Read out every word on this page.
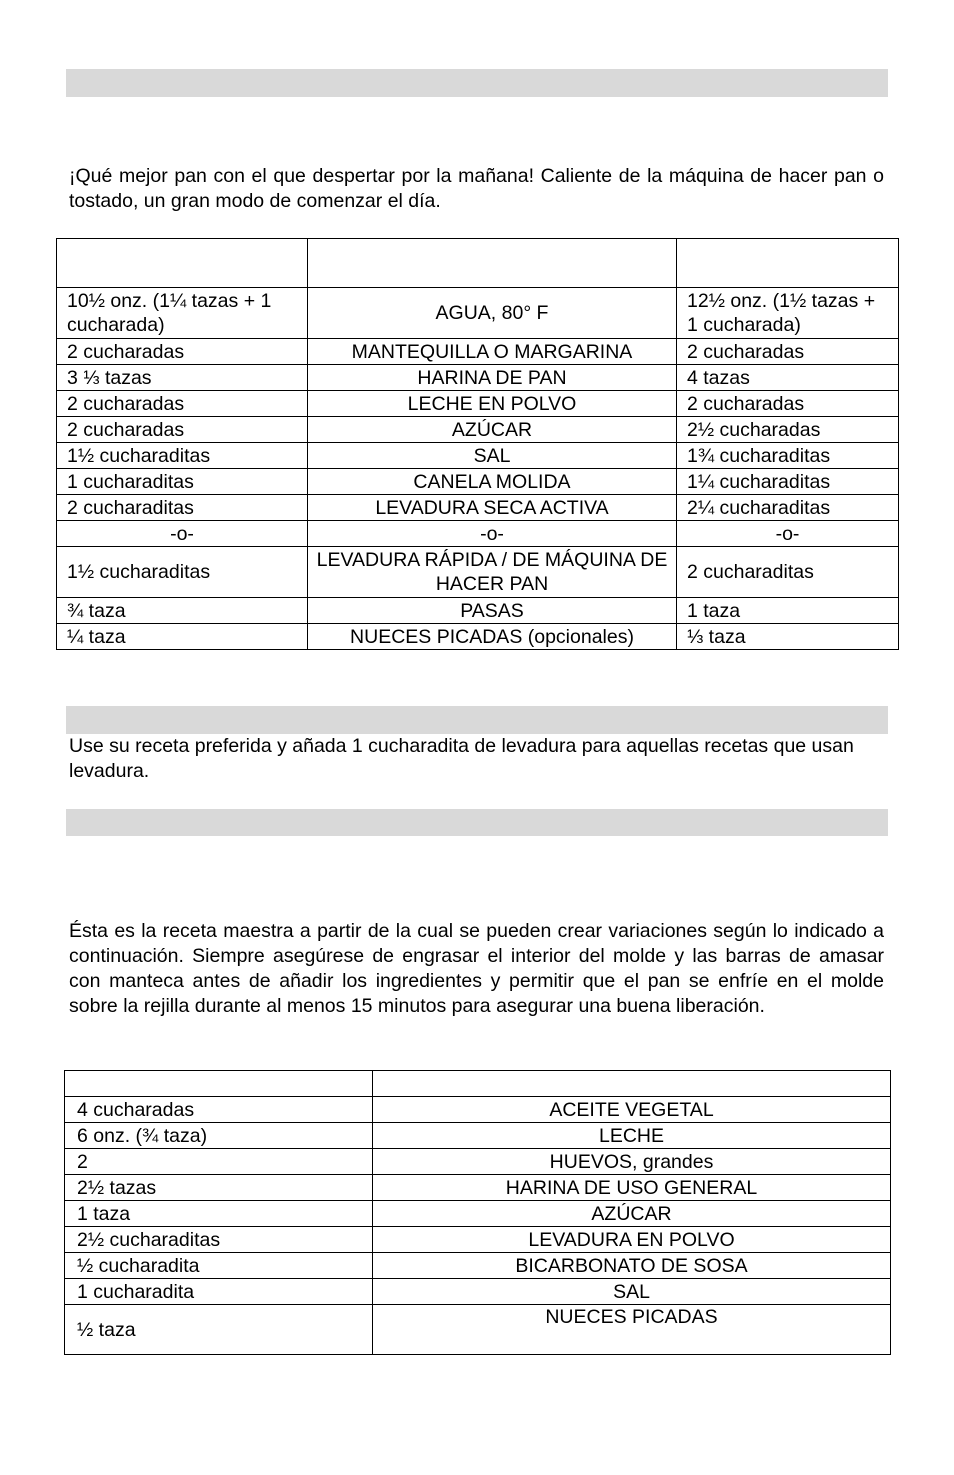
¡Qué mejor pan con el que despertar por la mañana! Caliente de la máquina de hacer pan o tostado, un gran modo de comenzar el día.

10½ onz. (1¼ tazas + 1 cucharada)	AGUA, 80° F	12½ onz. (1½ tazas + 1 cucharada)
2 cucharadas	MANTEQUILLA O MARGARINA	2 cucharadas
3 ⅓ tazas	HARINA DE PAN	4 tazas
2 cucharadas	LECHE EN POLVO	2 cucharadas
2 cucharadas	AZÚCAR	2½ cucharadas
1½ cucharaditas	SAL	1¾ cucharaditas
1 cucharaditas	CANELA MOLIDA	1¼ cucharaditas
2 cucharaditas	LEVADURA SECA ACTIVA	2¼ cucharaditas
-o-	-o-	-o-
1½ cucharaditas	LEVADURA RÁPIDA / DE MÁQUINA DE HACER PAN	2 cucharaditas
¾ taza	PASAS	1 taza
¼ taza	NUECES PICADAS (opcionales)	⅓ taza

Use su receta preferida y añada 1 cucharadita de levadura para aquellas recetas que usan levadura.

Ésta es la receta maestra a partir de la cual se pueden crear variaciones según lo indicado a continuación. Siempre asegúrese de engrasar el interior del molde y las barras de amasar con manteca antes de añadir los ingredientes y permitir que el pan se enfríe en el molde sobre la rejilla durante al menos 15 minutos para asegurar una buena liberación.

4 cucharadas	ACEITE VEGETAL
6 onz. (¾ taza)	LECHE
2	HUEVOS, grandes
2½ tazas	HARINA DE USO GENERAL
1 taza	AZÚCAR
2½ cucharaditas	LEVADURA EN POLVO
½ cucharadita	BICARBONATO DE SOSA
1 cucharadita	SAL
½ taza	NUECES PICADAS
